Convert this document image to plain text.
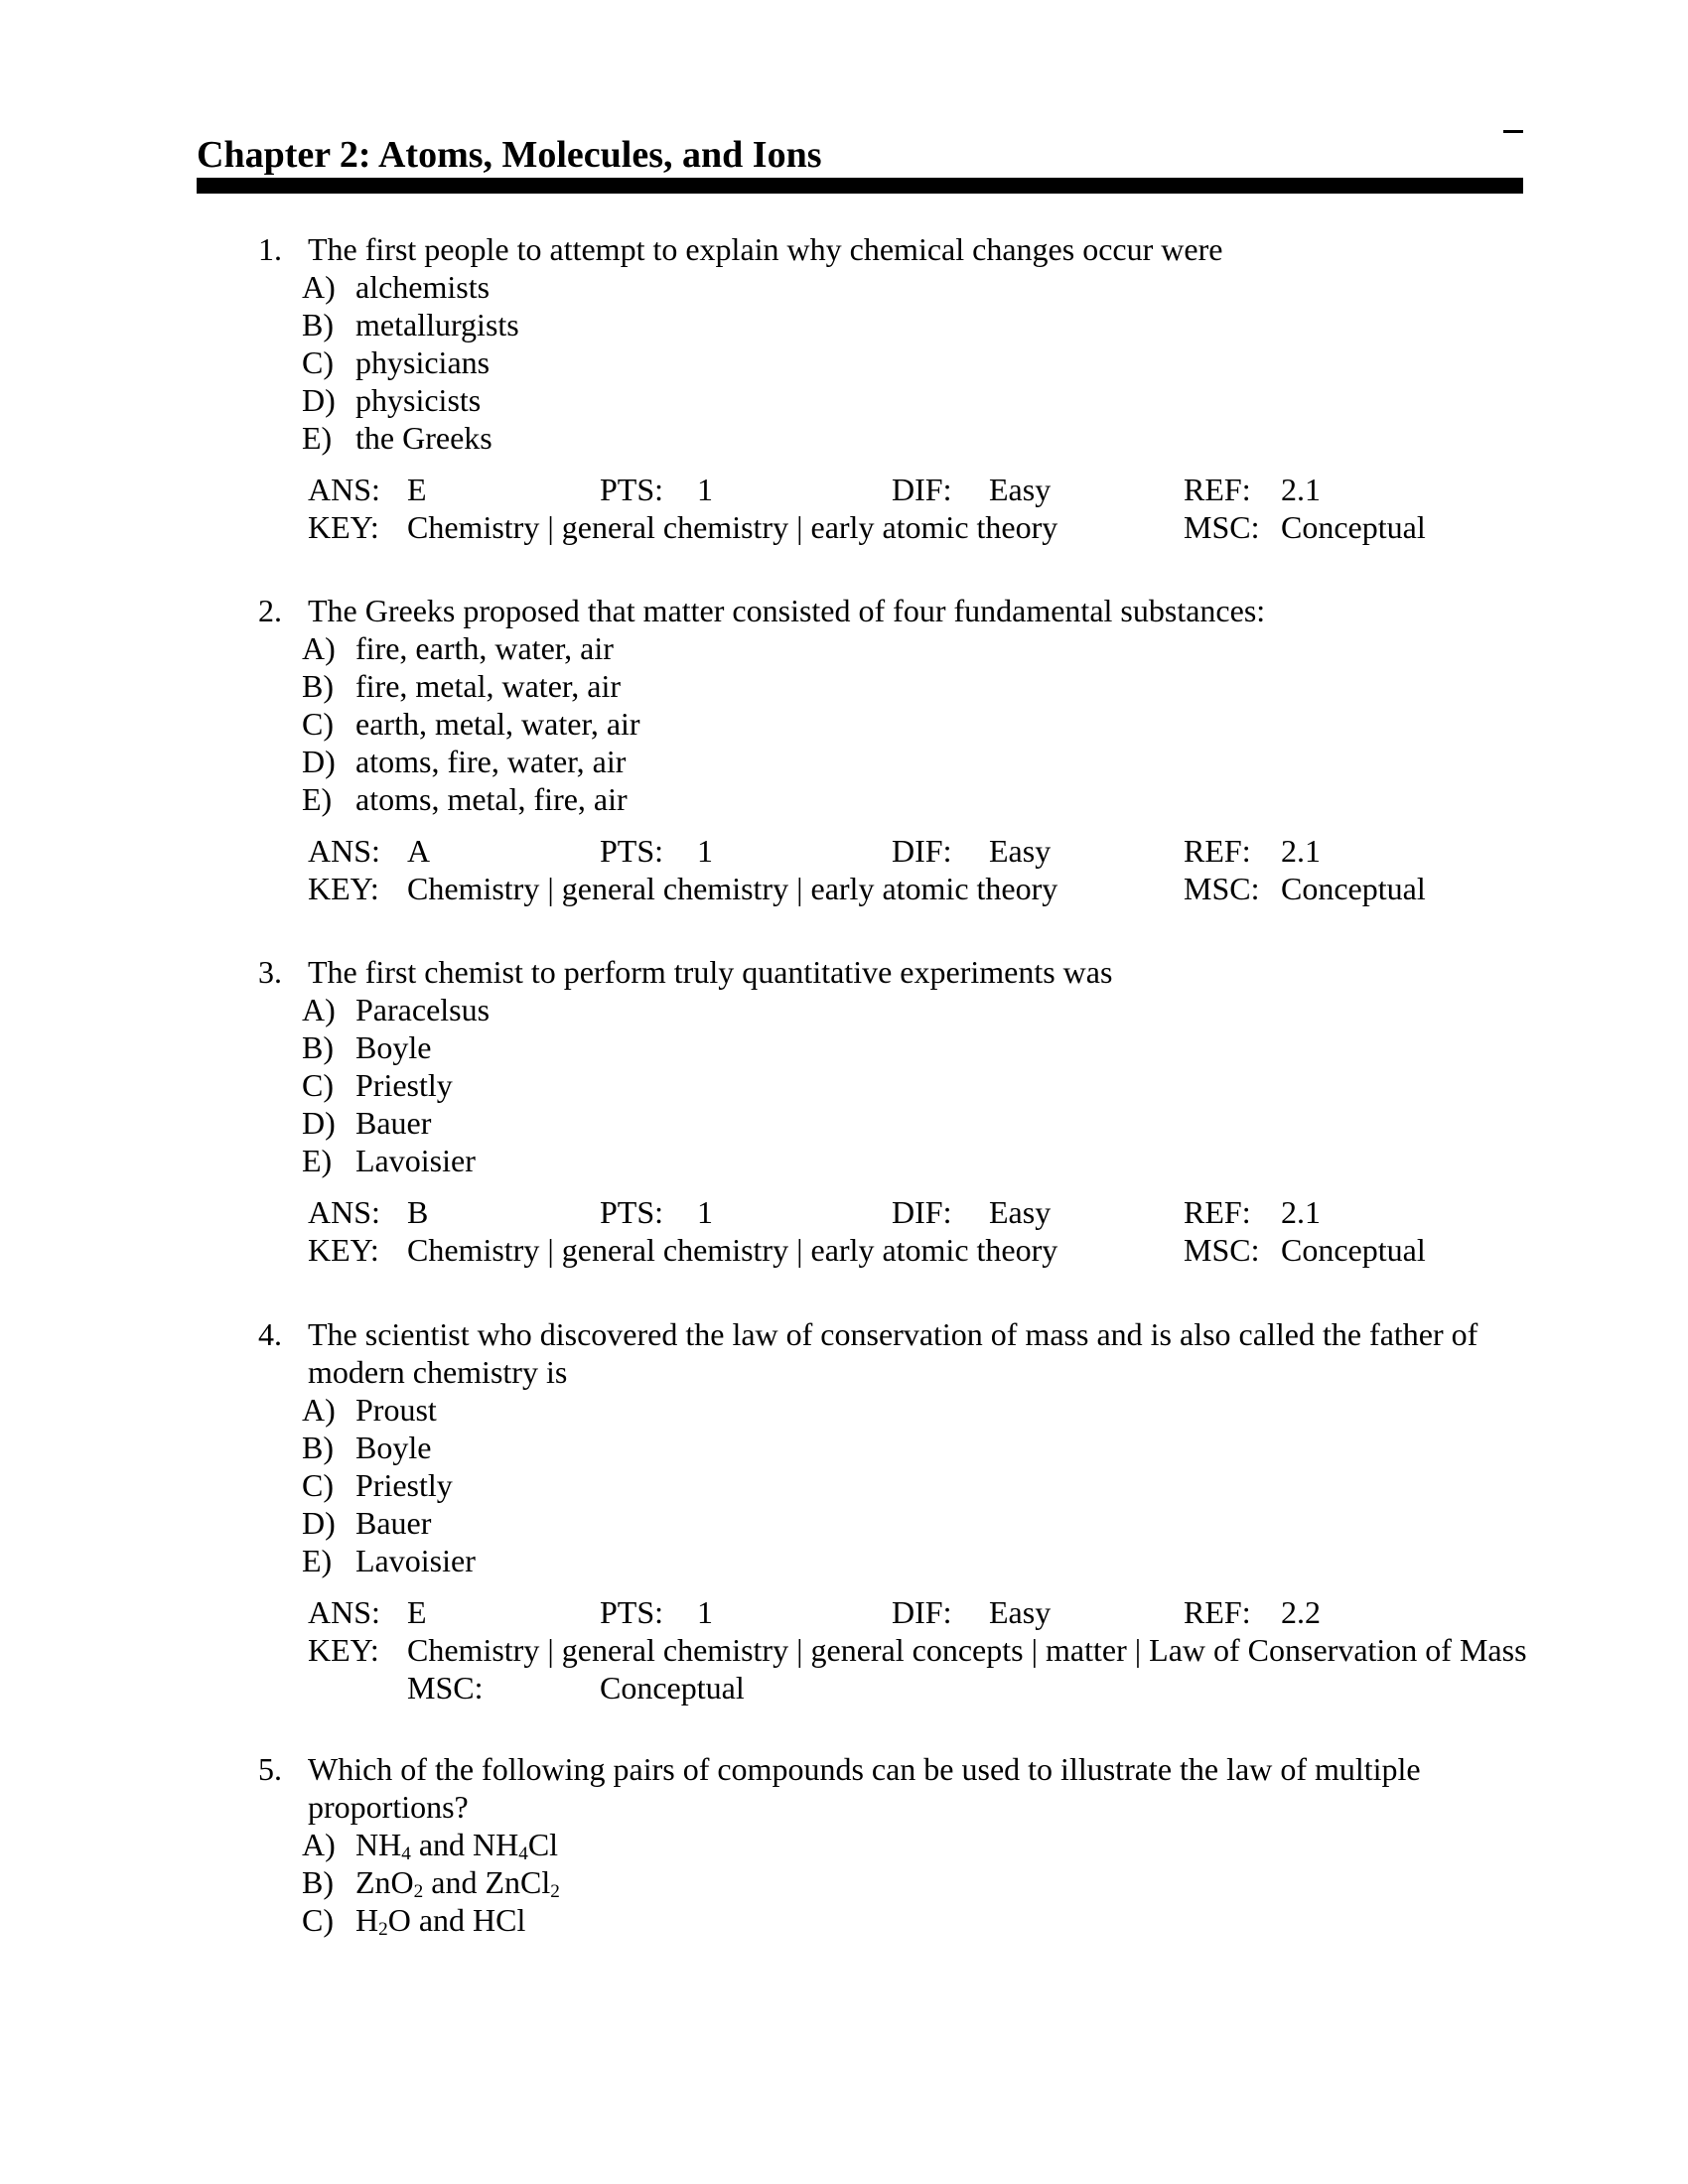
Chapter 2: Atoms, Molecules, and Ions
1. The first people to attempt to explain why chemical changes occur were
A) alchemists
B) metallurgists
C) physicians
D) physicists
E) the Greeks
ANS: E	PTS: 1	DIF: Easy	REF: 2.1
KEY: Chemistry | general chemistry | early atomic theory	MSC: Conceptual
2. The Greeks proposed that matter consisted of four fundamental substances:
A) fire, earth, water, air
B) fire, metal, water, air
C) earth, metal, water, air
D) atoms, fire, water, air
E) atoms, metal, fire, air
ANS: A	PTS: 1	DIF: Easy	REF: 2.1
KEY: Chemistry | general chemistry | early atomic theory	MSC: Conceptual
3. The first chemist to perform truly quantitative experiments was
A) Paracelsus
B) Boyle
C) Priestly
D) Bauer
E) Lavoisier
ANS: B	PTS: 1	DIF: Easy	REF: 2.1
KEY: Chemistry | general chemistry | early atomic theory	MSC: Conceptual
4. The scientist who discovered the law of conservation of mass and is also called the father of modern chemistry is
A) Proust
B) Boyle
C) Priestly
D) Bauer
E) Lavoisier
ANS: E	PTS: 1	DIF: Easy	REF: 2.2
KEY: Chemistry | general chemistry | general concepts | matter | Law of Conservation of Mass
MSC:	Conceptual
5. Which of the following pairs of compounds can be used to illustrate the law of multiple proportions?
A) $NH_4$ and $NH_4Cl$
B) ZnO$_2$ and ZnCl$_2$
C) $H_2O$ and HCl
